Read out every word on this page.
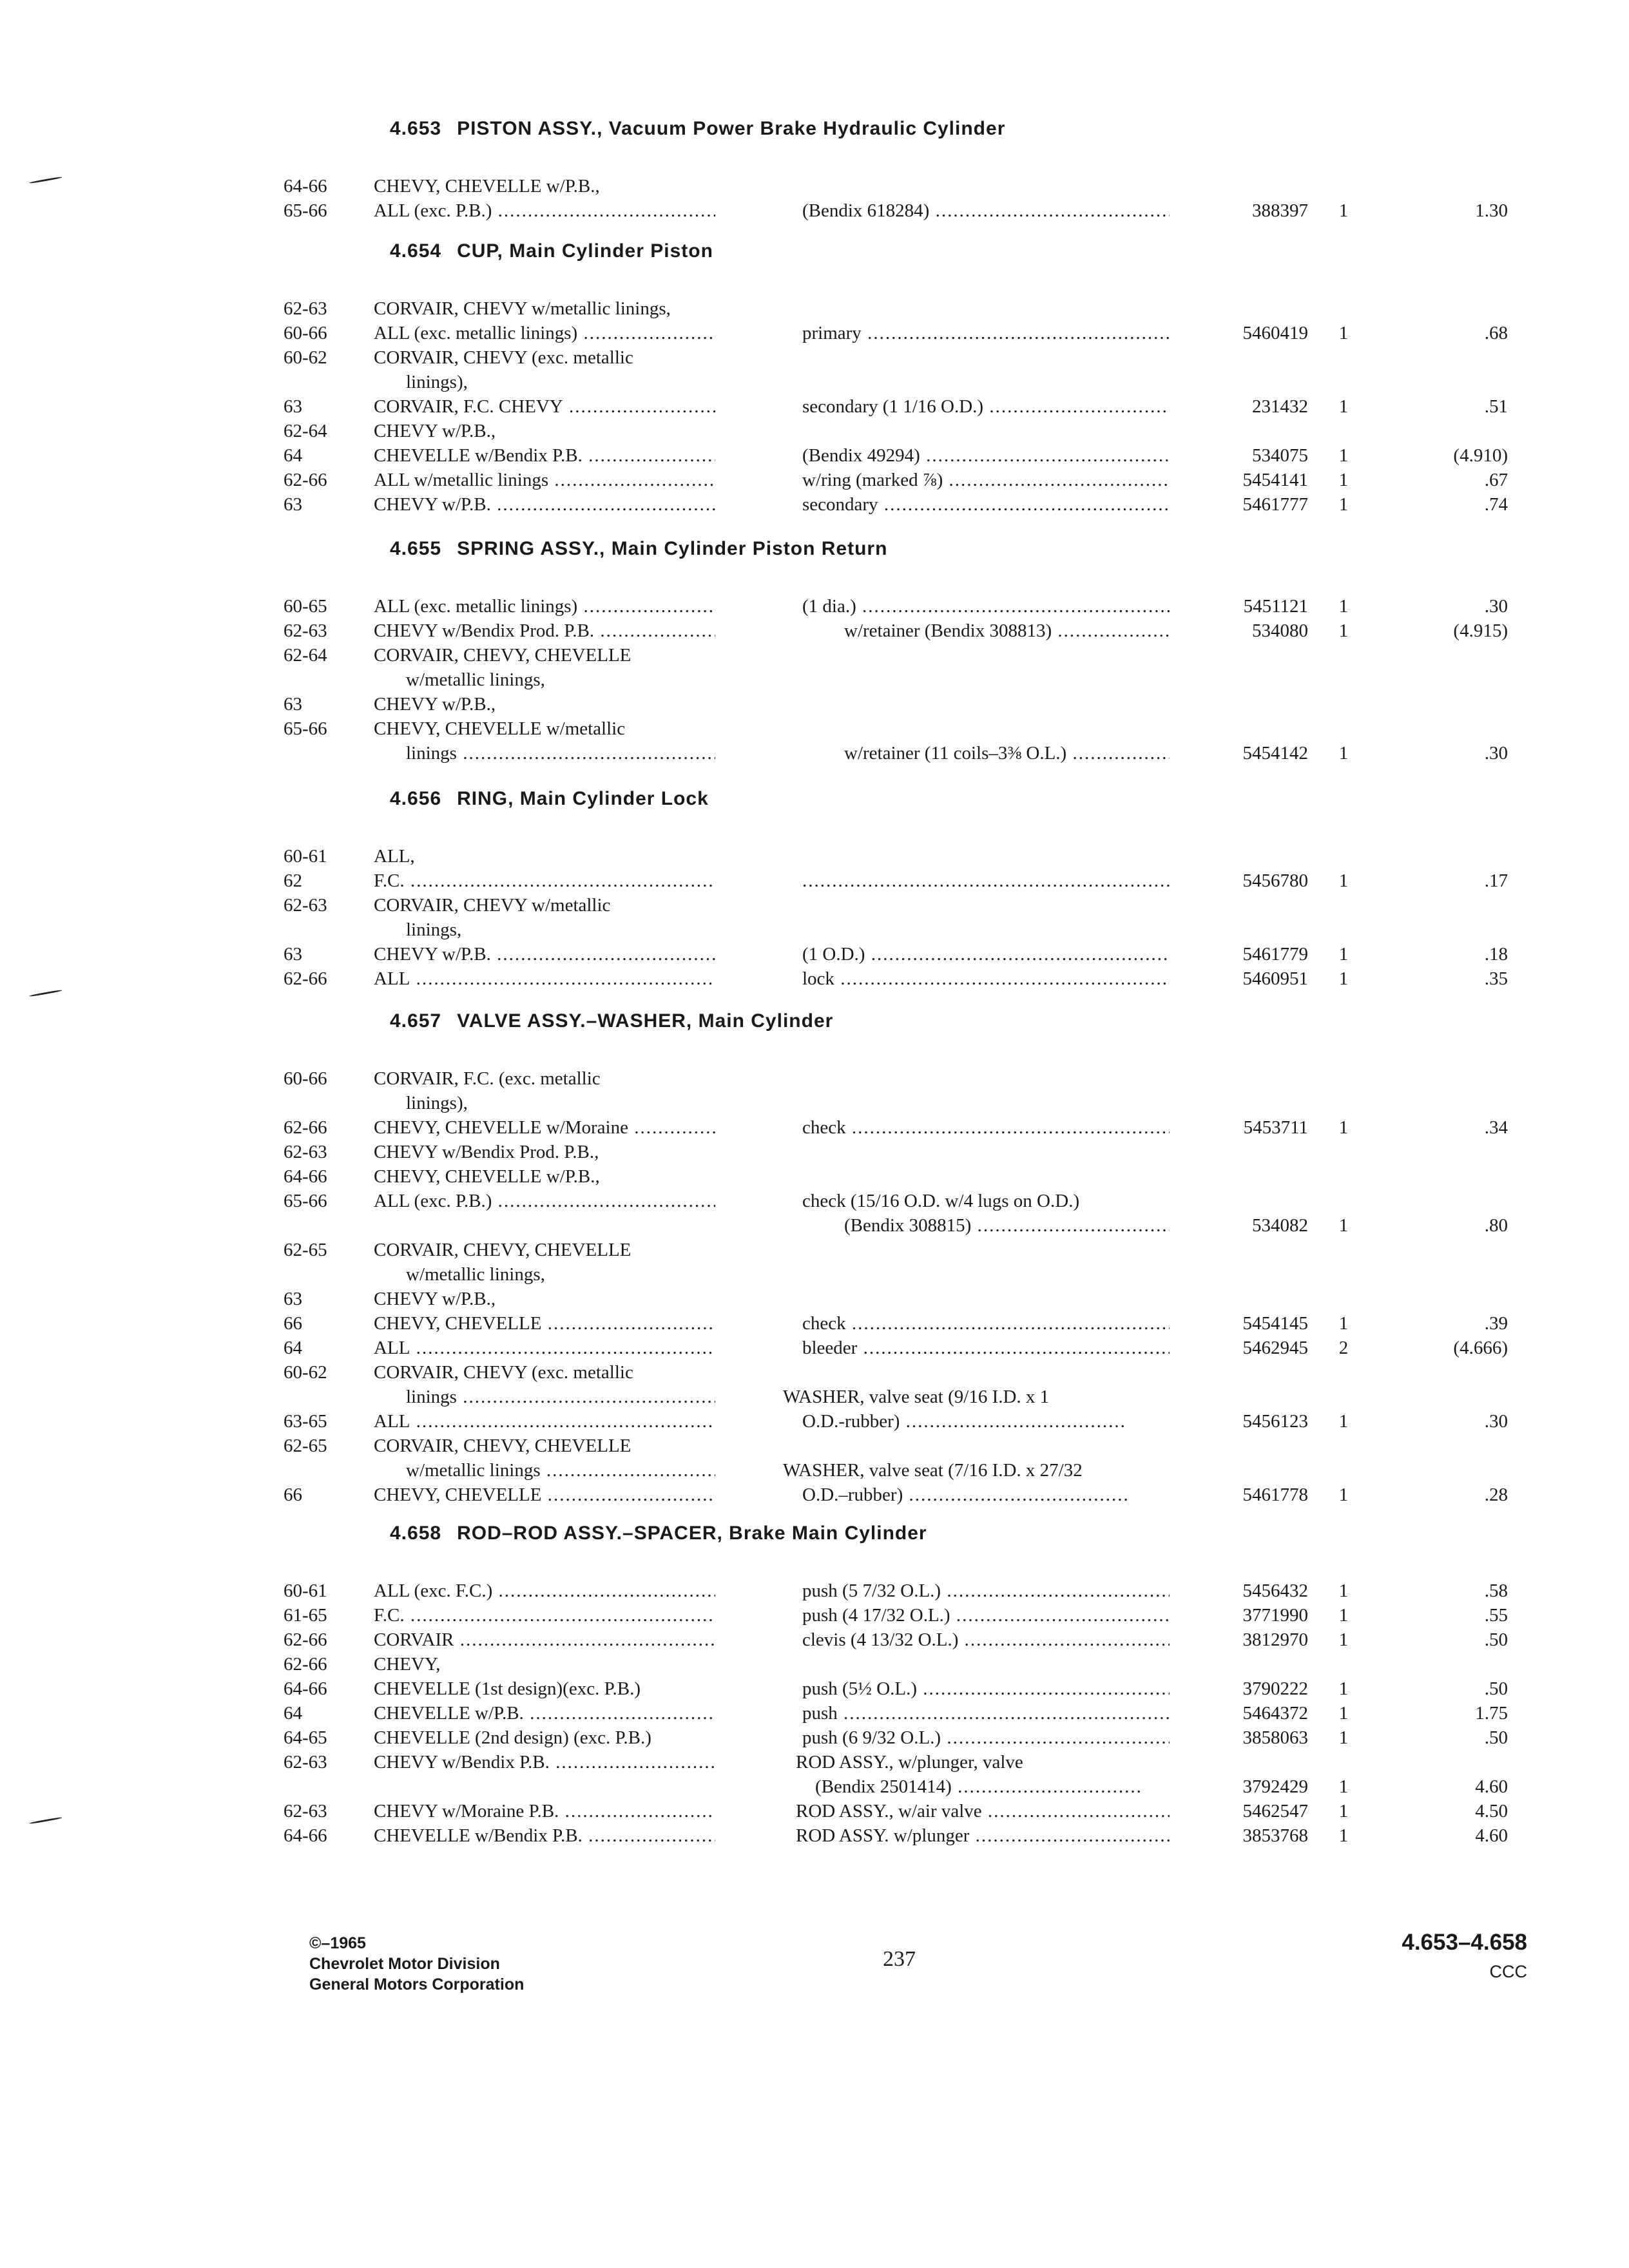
4.653 PISTON ASSY., Vacuum Power Brake Hydraulic Cylinder
64-66	CHEVY, CHEVELLE w/P.B.,
65-66	ALL (exc. P.B.) .....	(Bendix 618284) .....	388397	1	1.30
4.654 CUP, Main Cylinder Piston
62-63	CORVAIR, CHEVY w/metallic linings,
60-66	ALL (exc. metallic linings) .....	primary .....	5460419	1	.68
60-62	CORVAIR, CHEVY (exc. metallic
linings),
63	CORVAIR, F.C. CHEVY .....	secondary (1 1/16 O.D.) .....	231432	1	.51
62-64	CHEVY w/P.B.,
64	CHEVELLE w/Bendix P.B. .....	(Bendix 49294) .....	534075	1	(4.910)
62-66	ALL w/metallic linings .....	w/ring (marked ⅞) .....	5454141	1	.67
63	CHEVY w/P.B. .....	secondary .....	5461777	1	.74
4.655 SPRING ASSY., Main Cylinder Piston Return
60-65	ALL (exc. metallic linings) .....	(1 dia.) .....	5451121	1	.30
62-63	CHEVY w/Bendix Prod. P.B. .....	w/retainer (Bendix 308813) .....	534080	1	(4.915)
62-64	CORVAIR, CHEVY, CHEVELLE
w/metallic linings,
63	CHEVY w/P.B.,
65-66	CHEVY, CHEVELLE w/metallic
linings .....	w/retainer (11 coils–3⅜ O.L.) .....	5454142	1	.30
4.656 RING, Main Cylinder Lock
60-61	ALL,
62	F.C. .....
.....	5456780	1	.17
62-63	CORVAIR, CHEVY w/metallic
linings,
63	CHEVY w/P.B. .....	(1 O.D.) .....	5461779	1	.18
62-66	ALL .....	lock .....	5460951	1	.35
4.657 VALVE ASSY.–WASHER, Main Cylinder
60-66	CORVAIR, F.C. (exc. metallic
linings),
62-66	CHEVY, CHEVELLE w/Moraine .....	check .....	5453711	1	.34
62-63	CHEVY w/Bendix Prod. P.B.,
64-66	CHEVY, CHEVELLE w/P.B.,
65-66	ALL (exc. P.B.) .....	check (15/16 O.D. w/4 lugs on O.D.)
(Bendix 308815) .....	534082	1	.80
62-65	CORVAIR, CHEVY, CHEVELLE
w/metallic linings,
63	CHEVY w/P.B.,
66	CHEVY, CHEVELLE .....	check .....	5454145	1	.39
64	ALL .....	bleeder .....	5462945	2	(4.666)
60-62	CORVAIR, CHEVY (exc. metallic
linings .....	WASHER, valve seat (9/16 I.D. x 1
63-65	ALL .....	O.D.-rubber) .....	5456123	1	.30
62-65	CORVAIR, CHEVY, CHEVELLE
w/metallic linings .....	WASHER, valve seat (7/16 I.D. x 27/32
66	CHEVY, CHEVELLE .....	O.D.–rubber) .....	5461778	1	.28
4.658 ROD–ROD ASSY.–SPACER, Brake Main Cylinder
60-61	ALL (exc. F.C.) .....	push (5 7/32 O.L.) .....	5456432	1	.58
61-65	F.C. .....	push (4 17/32 O.L.) .....	3771990	1	.55
62-66	CORVAIR .....	clevis (4 13/32 O.L.) .....	3812970	1	.50
62-66	CHEVY,
64-66	CHEVELLE (1st design)(exc. P.B.)	push (5½ O.L.) .....	3790222	1	.50
64	CHEVELLE w/P.B. .....	push .....	5464372	1	1.75
64-65	CHEVELLE (2nd design) (exc. P.B.)	push (6 9/32 O.L.) .....	3858063	1	.50
62-63	CHEVY w/Bendix P.B. .....	ROD ASSY., w/plunger, valve
(Bendix 2501414) .....	3792429	1	4.60
62-63	CHEVY w/Moraine P.B. .....	ROD ASSY., w/air valve .....	5462547	1	4.50
64-66	CHEVELLE w/Bendix P.B. .....	ROD ASSY. w/plunger .....	3853768	1	4.60
©–1965
Chevrolet Motor Division
General Motors Corporation
237
4.653–4.658
CCC
